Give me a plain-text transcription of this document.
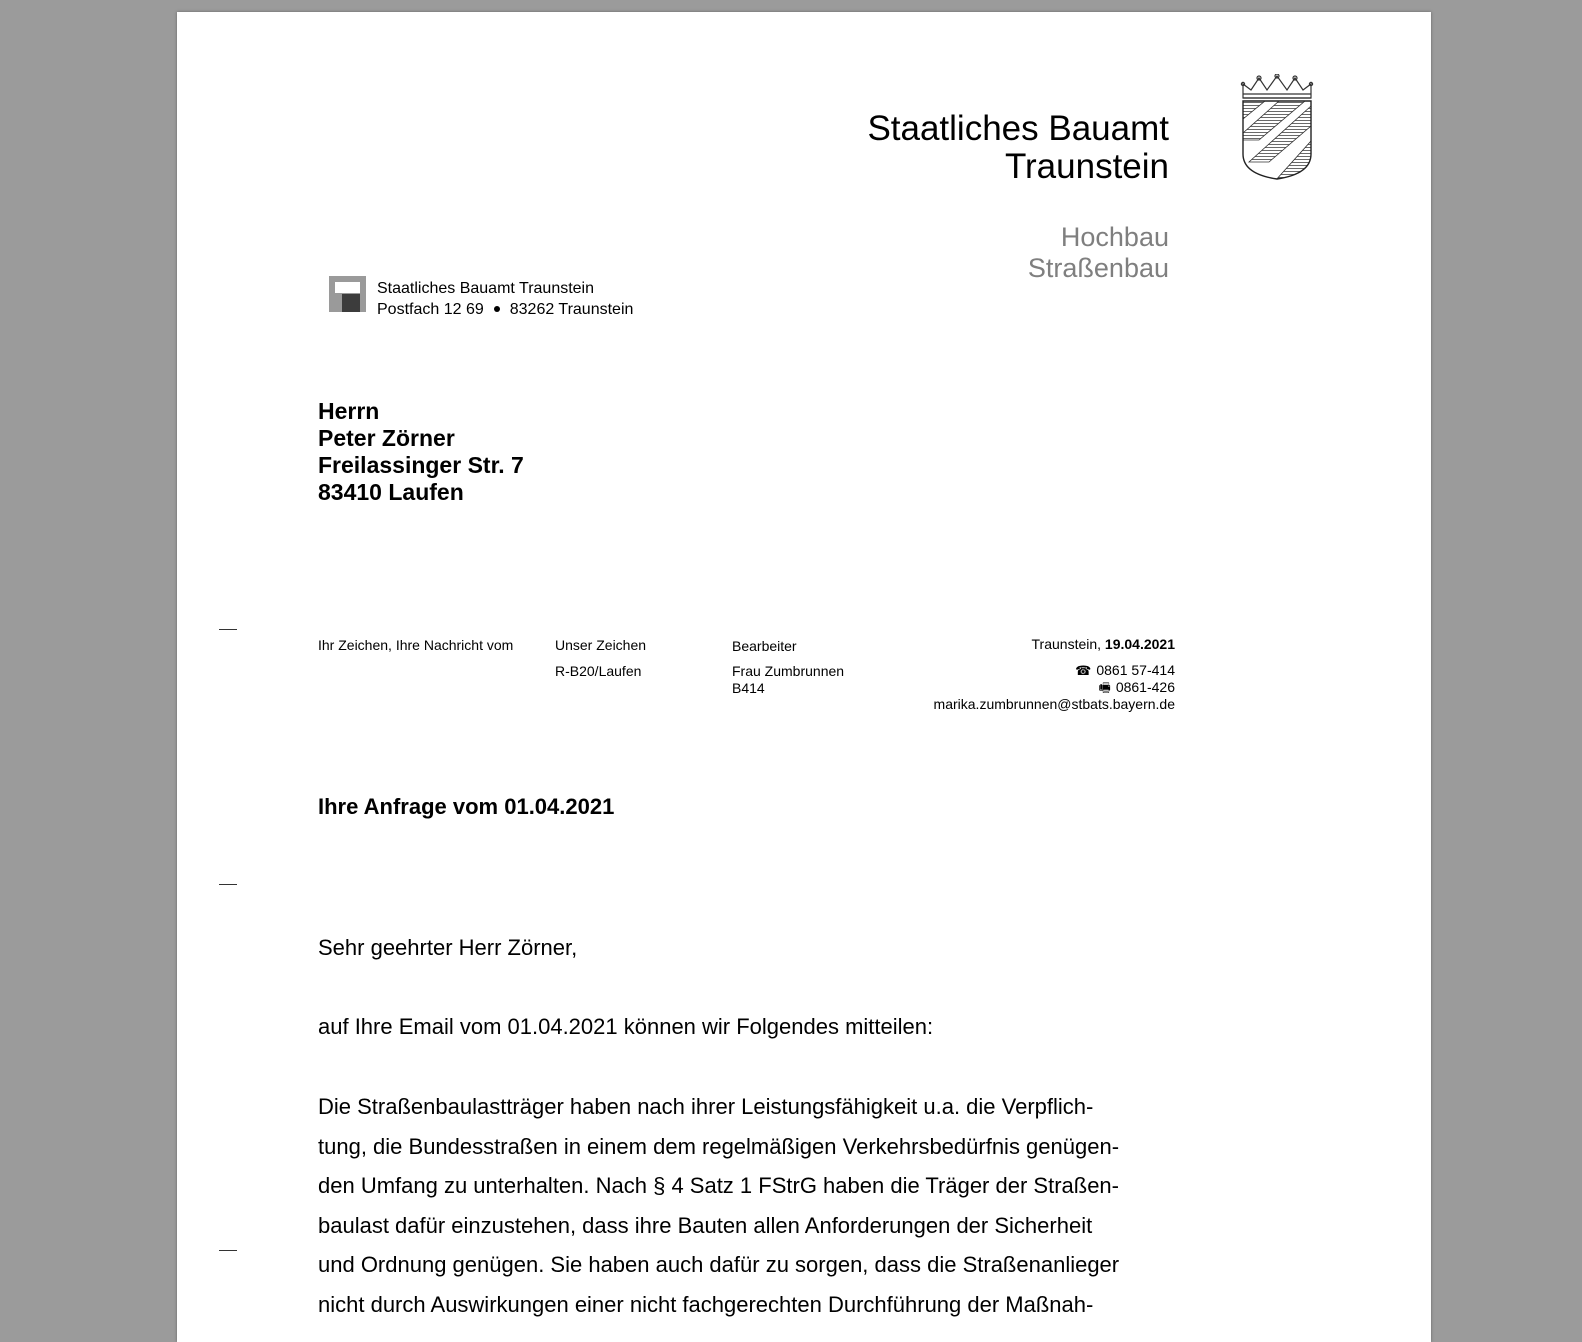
Staatliches Bauamt
Traunstein
Hochbau
Straßenbau
Staatliches Bauamt Traunstein
Postfach 12 69 83262 Traunstein
Herrn
Peter Zörner
Freilassinger Str. 7
83410 Laufen
Ihr Zeichen, Ihre Nachricht vom	Unser Zeichen
R-B20/Laufen
Bearbeiter
Frau Zumbrunnen
B414
Traunstein, 19.04.2021
☎ 0861 57-414
🖷 0861-426
marika.zumbrunnen@stbats.bayern.de
Ihre Anfrage vom 01.04.2021
Sehr geehrter Herr Zörner,
auf Ihre Email vom 01.04.2021 können wir Folgendes mitteilen:
Die Straßenbaulastträger haben nach ihrer Leistungsfähigkeit u.a. die Verpflich-
tung, die Bundesstraßen in einem dem regelmäßigen Verkehrsbedürfnis genügen-
den Umfang zu unterhalten. Nach § 4 Satz 1 FStrG haben die Träger der Straßen-
baulast dafür einzustehen, dass ihre Bauten allen Anforderungen der Sicherheit
und Ordnung genügen. Sie haben auch dafür zu sorgen, dass die Straßenanlieger
nicht durch Auswirkungen einer nicht fachgerechten Durchführung der Maßnah-
